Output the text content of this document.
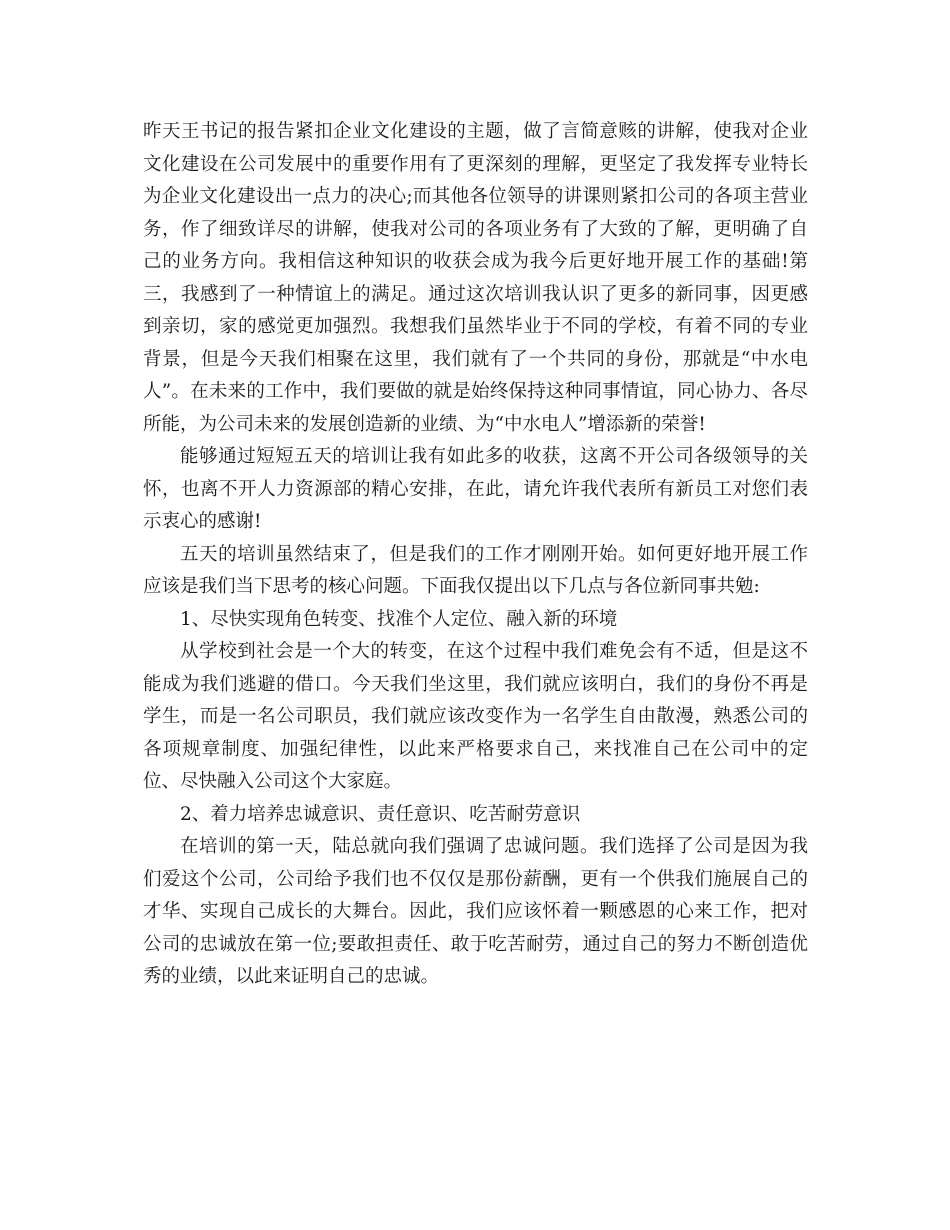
昨天王书记的报告紧扣企业文化建设的主题，做了言简意赅的讲解，使我对企业文化建设在公司发展中的重要作用有了更深刻的理解，更坚定了我发挥专业特长为企业文化建设出一点力的决心;而其他各位领导的讲课则紧扣公司的各项主营业务，作了细致详尽的讲解，使我对公司的各项业务有了大致的了解，更明确了自己的业务方向。我相信这种知识的收获会成为我今后更好地开展工作的基础!第三，我感到了一种情谊上的满足。通过这次培训我认识了更多的新同事，因更感到亲切，家的感觉更加强烈。我想我们虽然毕业于不同的学校，有着不同的专业背景，但是今天我们相聚在这里，我们就有了一个共同的身份，那就是“中水电人”。在未来的工作中，我们要做的就是始终保持这种同事情谊，同心协力、各尽所能，为公司未来的发展创造新的业绩、为“中水电人”增添新的荣誉!

能够通过短短五天的培训让我有如此多的收获，这离不开公司各级领导的关怀，也离不开人力资源部的精心安排，在此，请允许我代表所有新员工对您们表示衷心的感谢!

五天的培训虽然结束了，但是我们的工作才刚刚开始。如何更好地开展工作应该是我们当下思考的核心问题。下面我仅提出以下几点与各位新同事共勉:

1、尽快实现角色转变、找准个人定位、融入新的环境

从学校到社会是一个大的转变，在这个过程中我们难免会有不适，但是这不能成为我们逃避的借口。今天我们坐这里，我们就应该明白，我们的身份不再是学生，而是一名公司职员，我们就应该改变作为一名学生自由散漫，熟悉公司的各项规章制度、加强纪律性，以此来严格要求自己，来找准自己在公司中的定位、尽快融入公司这个大家庭。

2、着力培养忠诚意识、责任意识、吃苦耐劳意识

在培训的第一天，陆总就向我们强调了忠诚问题。我们选择了公司是因为我们爱这个公司，公司给予我们也不仅仅是那份薪酬，更有一个供我们施展自己的才华、实现自己成长的大舞台。因此，我们应该怀着一颗感恩的心来工作，把对公司的忠诚放在第一位;要敢担责任、敢于吃苦耐劳，通过自己的努力不断创造优秀的业绩，以此来证明自己的忠诚。
